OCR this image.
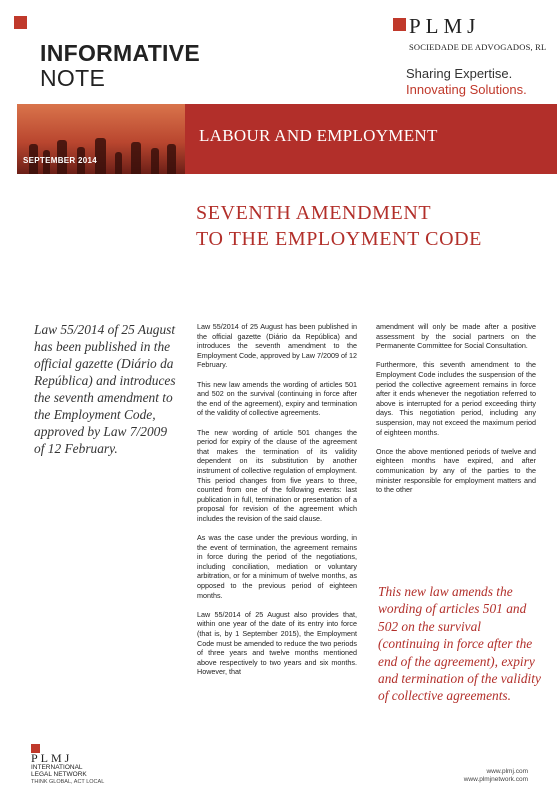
INFORMATIVE
NOTE
PLMJ
SOCIEDADE DE ADVOGADOS, RL
Sharing Expertise.
Innovating Solutions.
SEPTEMBER 2014
LABOUR AND EMPLOYMENT
SEVENTH AMENDMENT
TO THE EMPLOYMENT CODE
Law 55/2014 of 25 August has been published in the official gazette (Diário da República) and introduces the seventh amendment to the Employment Code, approved by Law 7/2009 of 12 February.

Law 55/2014 of 25 August has been published in the official gazette (Diário da República) and introduces the seventh amendment to the Employment Code, approved by Law 7/2009 of 12 February.

This new law amends the wording of articles 501 and 502 on the survival (continuing in force after the end of the agreement), expiry and termination of the validity of collective agreements.

The new wording of article 501 changes the period for expiry of the clause of the agreement that makes the termination of its validity dependent on its substitution by another instrument of collective regulation of employment. This period changes from five years to three, counted from one of the following events: last publication in full, termination or presentation of a proposal for revision of the agreement which includes the revision of the said clause.

As was the case under the previous wording, in the event of termination, the agreement remains in force during the period of the negotiations, including conciliation, mediation or voluntary arbitration, or for a minimum of twelve months, as opposed to the previous period of eighteen months.

Law 55/2014 of 25 August also provides that, within one year of the date of its entry into force (that is, by 1 September 2015), the Employment Code must be amended to reduce the two periods of three years and twelve months mentioned above respectively to two years and six months. However, that

amendment will only be made after a positive assessment by the social partners on the Permanente Committee for Social Consultation.

Furthermore, this seventh amendment to the Employment Code includes the suspension of the period the collective agreement remains in force after it ends whenever the negotiation referred to above is interrupted for a period exceeding thirty days. This negotiation period, including any suspension, may not exceed the maximum period of eighteen months.

Once the above mentioned periods of twelve and eighteen months have expired, and after communication by any of the parties to the minister responsible for employment matters and to the other

This new law amends the wording of articles 501 and 502 on the survival (continuing in force after the end of the agreement), expiry and termination of the validity of collective agreements.
PLMJ
INTERNATIONAL
LEGAL NETWORK
THINK GLOBAL, ACT LOCAL
www.plmj.com
www.plmjnetwork.com
